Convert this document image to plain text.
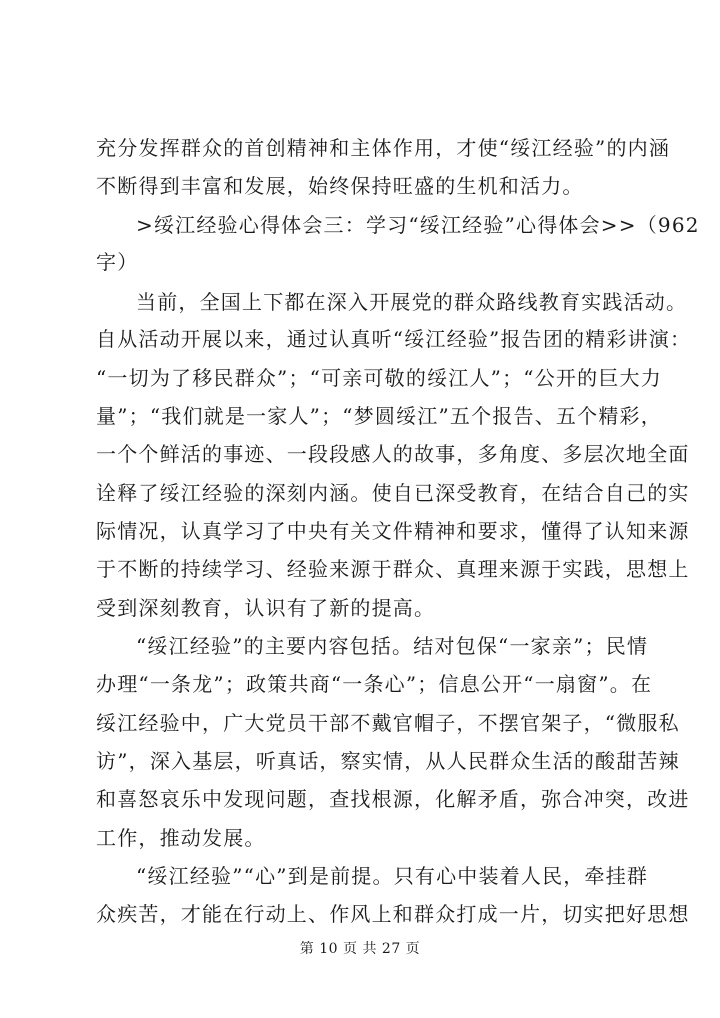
充分发挥群众的首创精神和主体作用，才使“绥江经验”的内涵
不断得到丰富和发展，始终保持旺盛的生机和活力。
>绥江经验心得体会三：学习“绥江经验”心得体会>>（962
字）
当前，全国上下都在深入开展党的群众路线教育实践活动。
自从活动开展以来，通过认真听“绥江经验”报告团的精彩讲演：
“一切为了移民群众”；“可亲可敬的绥江人”；“公开的巨大力
量”；“我们就是一家人”；“梦圆绥江”五个报告、五个精彩，
一个个鲜活的事迹、一段段感人的故事，多角度、多层次地全面
诠释了绥江经验的深刻内涵。使自已深受教育，在结合自己的实
际情况，认真学习了中央有关文件精神和要求，懂得了认知来源
于不断的持续学习、经验来源于群众、真理来源于实践，思想上
受到深刻教育，认识有了新的提高。
“绥江经验”的主要内容包括。结对包保“一家亲”；民情
办理“一条龙”；政策共商“一条心”；信息公开“一扇窗”。在
绥江经验中，广大党员干部不戴官帽子，不摆官架子，“微服私
访”，深入基层，听真话，察实情，从人民群众生活的酸甜苦辣
和喜怒哀乐中发现问题，查找根源，化解矛盾，弥合冲突，改进
工作，推动发展。
“绥江经验”“心”到是前提。只有心中装着人民，牵挂群
众疾苦，才能在行动上、作风上和群众打成一片，切实把好思想
第 10 页 共 27 页
